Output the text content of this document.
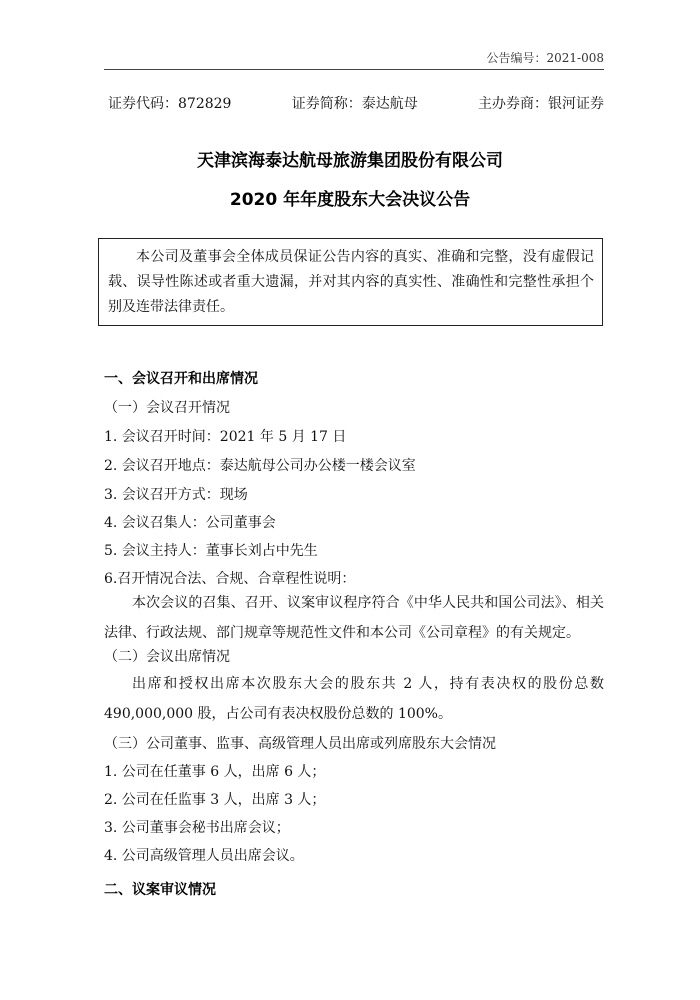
公告编号：2021-008
证券代码：872829	证券简称：泰达航母	主办券商：银河证券
天津滨海泰达航母旅游集团股份有限公司
2020 年年度股东大会决议公告

本公司及董事会全体成员保证公告内容的真实、准确和完整，没有虚假记载、误导性陈述或者重大遗漏，并对其内容的真实性、准确性和完整性承担个别及连带法律责任。

一、会议召开和出席情况
（一）会议召开情况
1. 会议召开时间：2021 年 5 月 17 日
2. 会议召开地点：泰达航母公司办公楼一楼会议室
3. 会议召开方式：现场
4. 会议召集人：公司董事会
5. 会议主持人：董事长刘占中先生
6.召开情况合法、合规、合章程性说明：

本次会议的召集、召开、议案审议程序符合《中华人民共和国公司法》、相关法律、行政法规、部门规章等规范性文件和本公司《公司章程》的有关规定。

（二）会议出席情况

出席和授权出席本次股东大会的股东共 2 人，持有表决权的股份总数 490,000,000 股，占公司有表决权股份总数的 100%。

（三）公司董事、监事、高级管理人员出席或列席股东大会情况
1. 公司在任董事 6 人，出席 6 人；
2. 公司在任监事 3 人，出席 3 人；
3. 公司董事会秘书出席会议；
4. 公司高级管理人员出席会议。
二、议案审议情况
